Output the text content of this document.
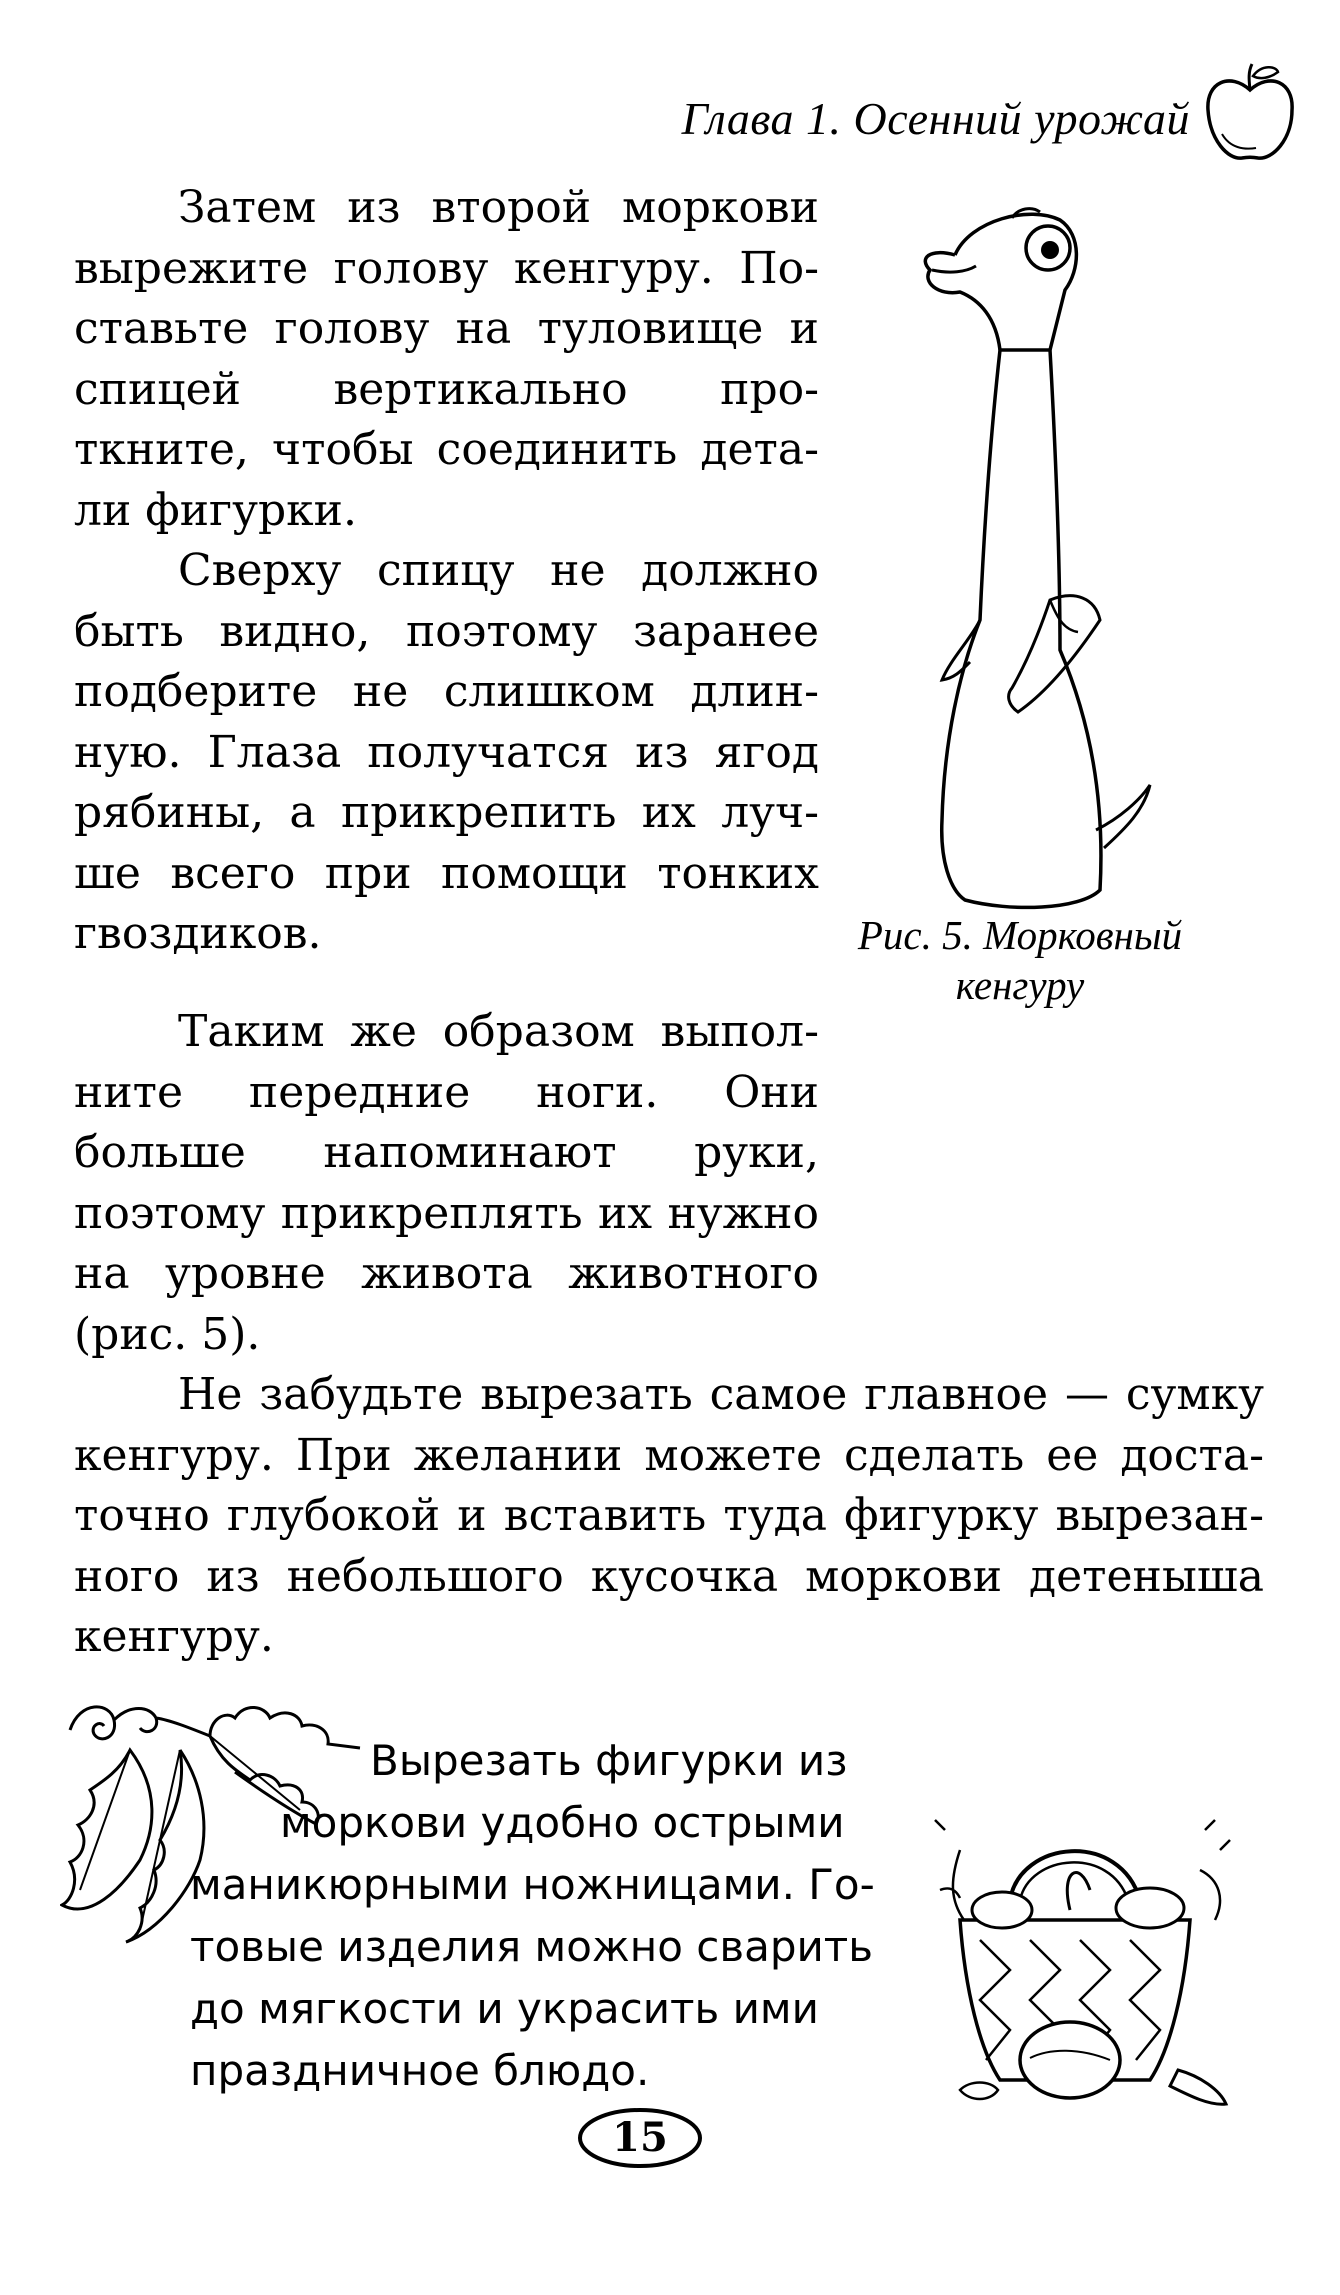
Глава 1. Осенний урожай

Затем из второй моркови вырежите голову кенгуру. Поставьте голову на туловище и спицей вертикально проткните, чтобы соединить детали фигурки.

Сверху спицу не должно быть видно, поэтому заранее подберите не слишком длинную. Глаза получатся из ягод рябины, а прикрепить их лучше всего при помощи тонких гвоздиков.	Рис. 5. Морковный
кенгуру

Таким же образом выполните передние ноги. Они больше напоминают руки, поэтому прикреплять их нужно на уровне живота животного (рис. 5).

Не забудьте вырезать самое главное — сумку кенгуру. При желании можете сделать ее достаточно глубокой и вставить туда фигурку вырезанного из небольшого кусочка моркови детеныша кенгуру.

Вырезать фигурки из
моркови удобно острыми
маникюрными ножницами. Го-
товые изделия можно сварить
до мягкости и украсить ими
праздничное блюдо.
15
